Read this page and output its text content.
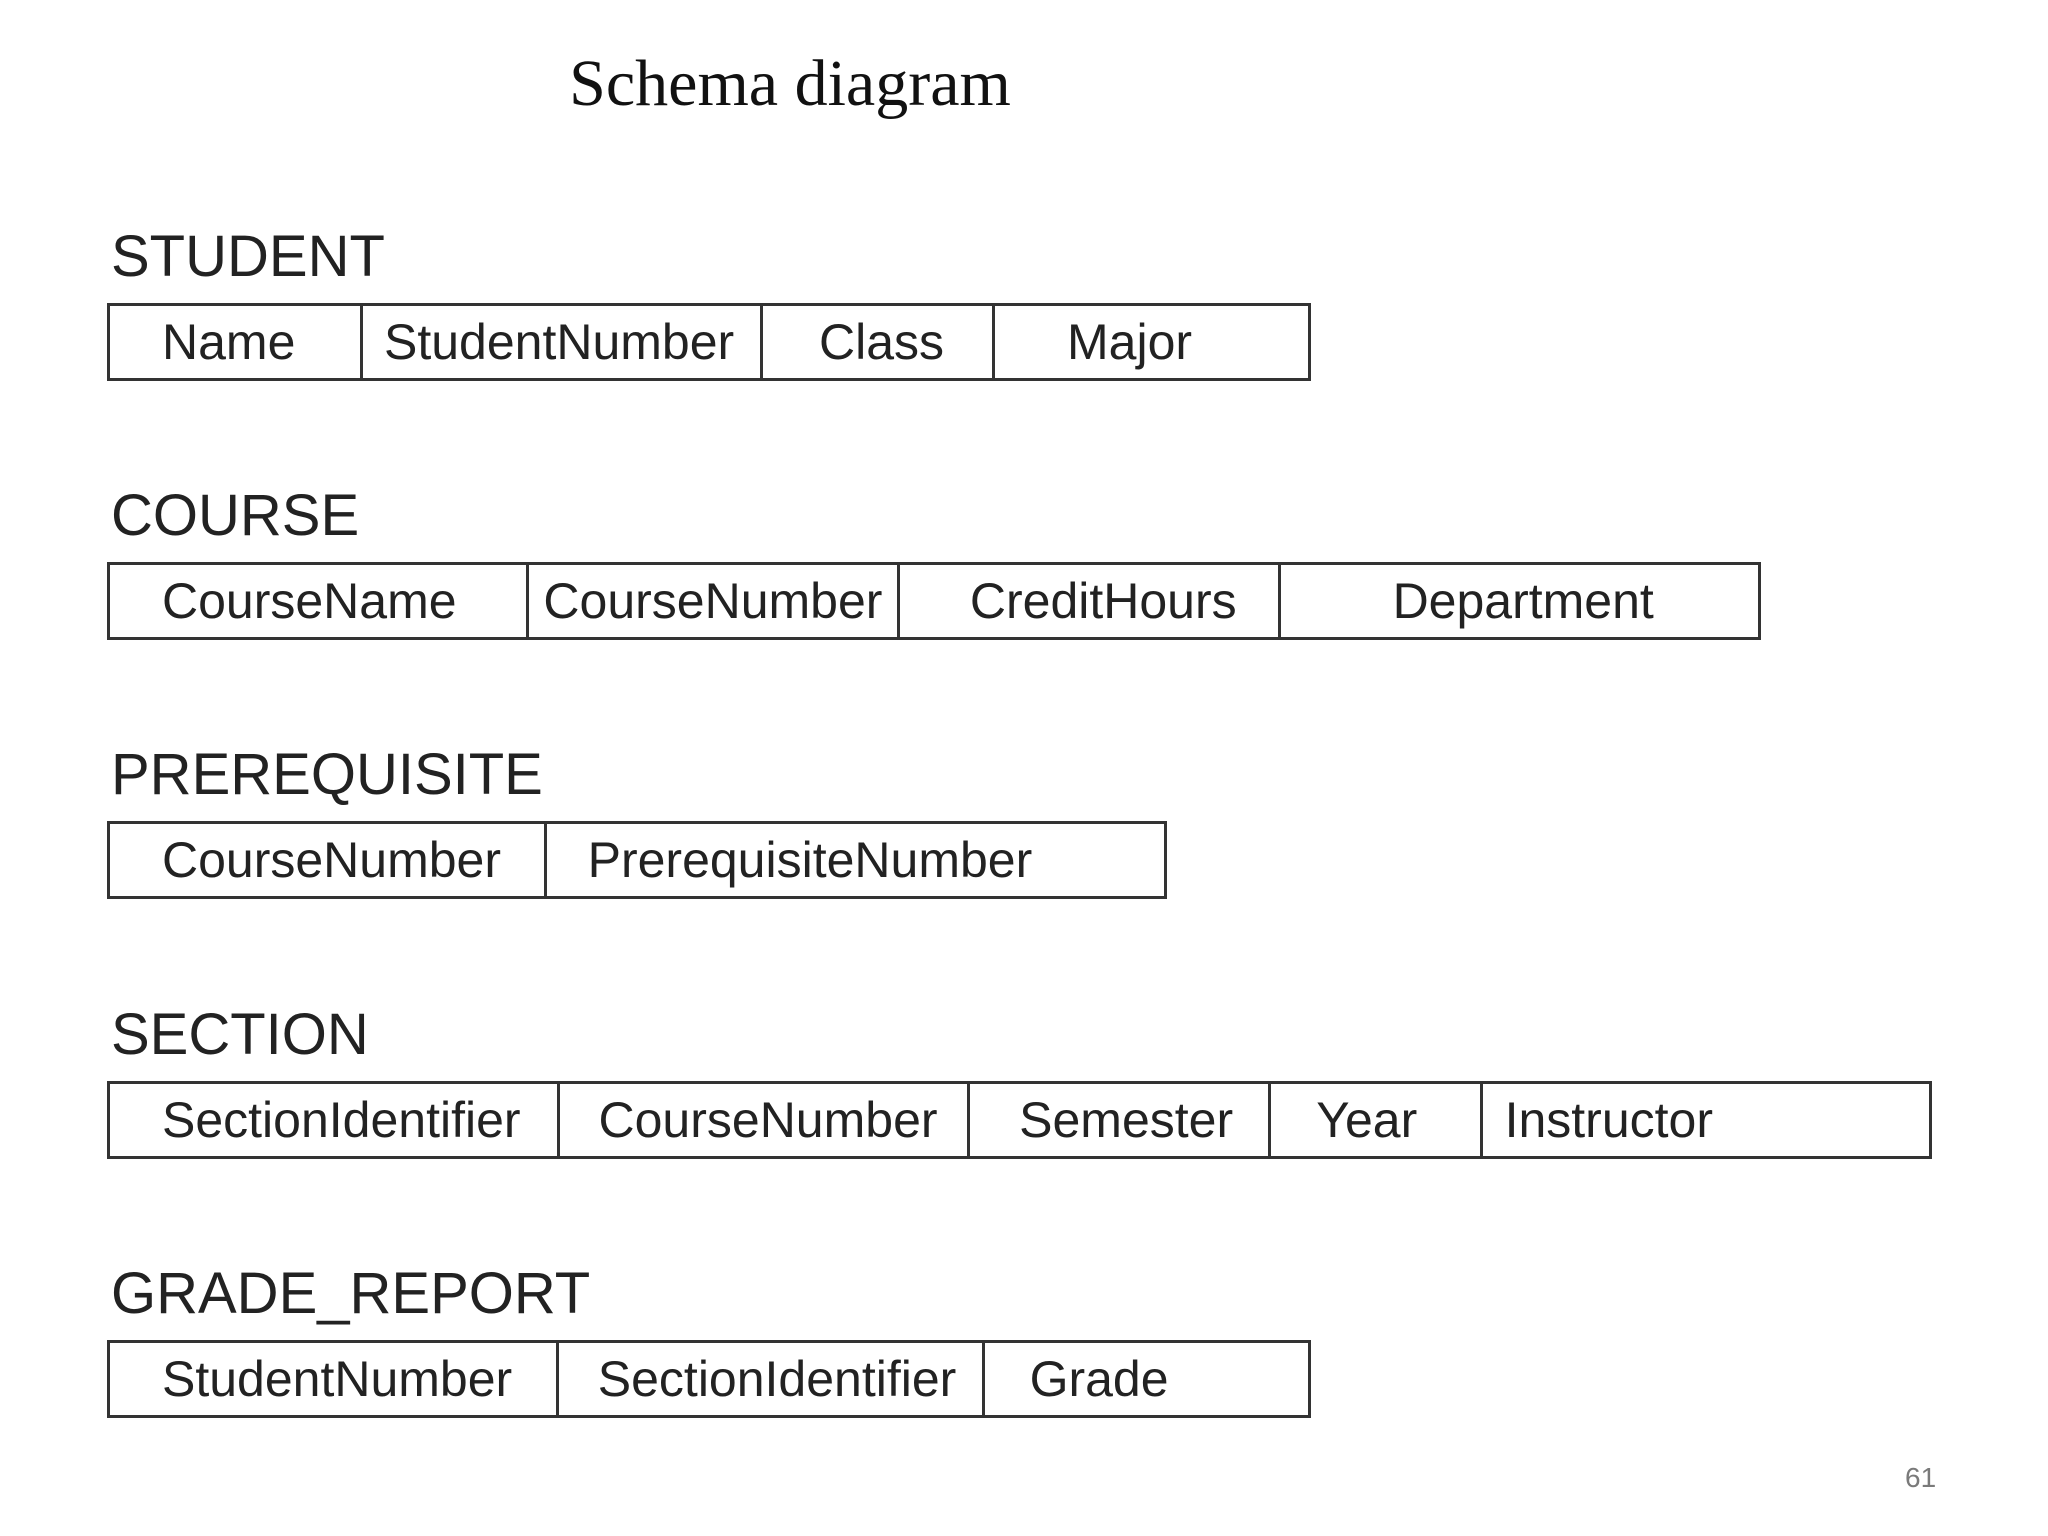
Schema diagram
STUDENT
Name	StudentNumber	Class	Major
COURSE
CourseName	CourseNumber	CreditHours	Department
PREREQUISITE
CourseNumber	PrerequisiteNumber
SECTION
SectionIdentifier	CourseNumber	Semester	Year	Instructor
GRADE_REPORT
StudentNumber	SectionIdentifier	Grade
61
